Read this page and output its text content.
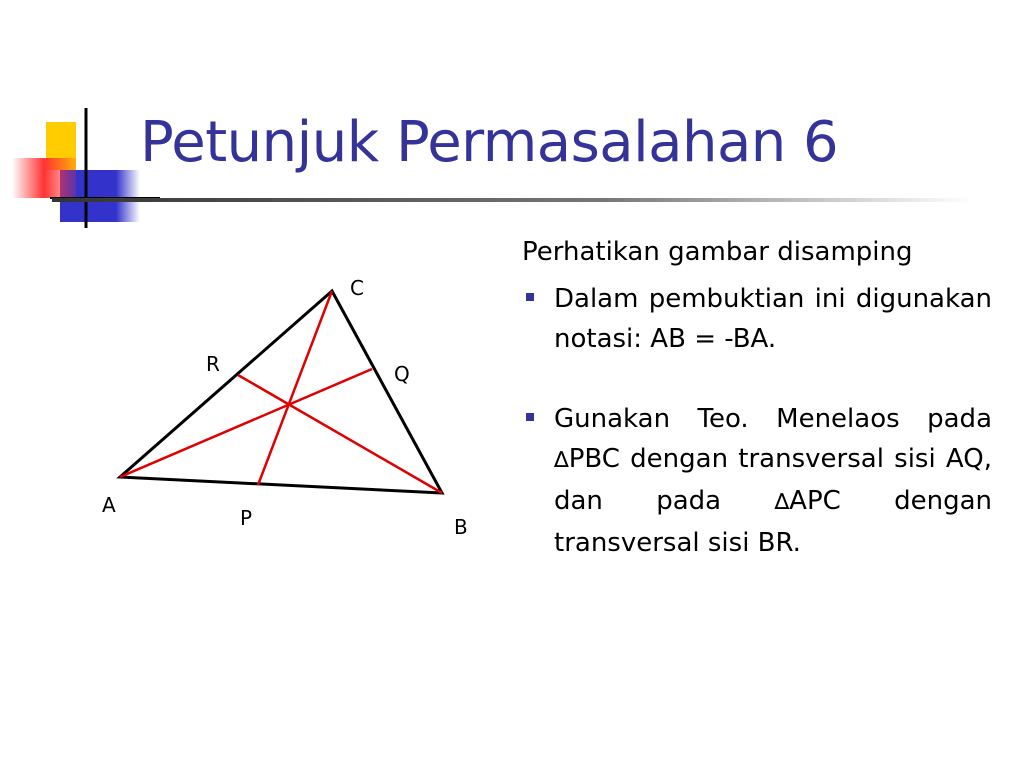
Petunjuk Permasalahan 6
C
R	Q
A
P	B

Perhatikan gambar disamping

Dalam pembuktian ini digunakan notasi: AB = -BA.
Gunakan Teo. Menelaos pada ∆PBC dengan transversal sisi AQ, dan pada ∆APC dengan transversal sisi BR.
